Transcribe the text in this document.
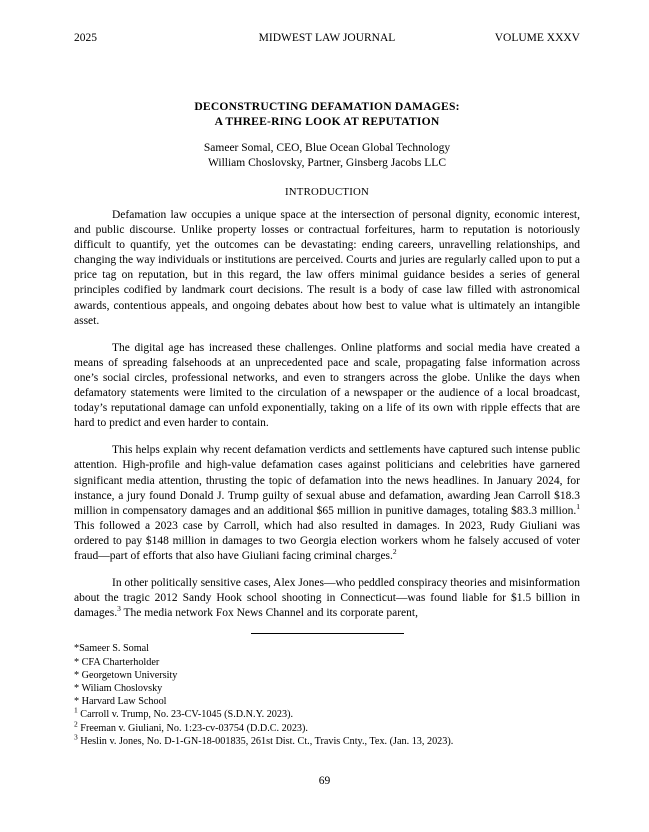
2025	MIDWEST LAW JOURNAL	VOLUME XXXV
DECONSTRUCTING DEFAMATION DAMAGES:
A THREE-RING LOOK AT REPUTATION
Sameer Somal, CEO, Blue Ocean Global Technology
William Choslovsky, Partner, Ginsberg Jacobs LLC
INTRODUCTION

Defamation law occupies a unique space at the intersection of personal dignity, economic interest, and public discourse. Unlike property losses or contractual forfeitures, harm to reputation is notoriously difficult to quantify, yet the outcomes can be devastating: ending careers, unravelling relationships, and changing the way individuals or institutions are perceived. Courts and juries are regularly called upon to put a price tag on reputation, but in this regard, the law offers minimal guidance besides a series of general principles codified by landmark court decisions. The result is a body of case law filled with astronomical awards, contentious appeals, and ongoing debates about how best to value what is ultimately an intangible asset.

The digital age has increased these challenges. Online platforms and social media have created a means of spreading falsehoods at an unprecedented pace and scale, propagating false information across one’s social circles, professional networks, and even to strangers across the globe. Unlike the days when defamatory statements were limited to the circulation of a newspaper or the audience of a local broadcast, today’s reputational damage can unfold exponentially, taking on a life of its own with ripple effects that are hard to predict and even harder to contain.

This helps explain why recent defamation verdicts and settlements have captured such intense public attention. High-profile and high-value defamation cases against politicians and celebrities have garnered significant media attention, thrusting the topic of defamation into the news headlines. In January 2024, for instance, a jury found Donald J. Trump guilty of sexual abuse and defamation, awarding Jean Carroll $18.3 million in compensatory damages and an additional $65 million in punitive damages, totaling $83.3 million.$^1$ This followed a 2023 case by Carroll, which had also resulted in damages. In 2023, Rudy Giuliani was ordered to pay $148 million in damages to two Georgia election workers whom he falsely accused of voter fraud—part of efforts that also have Giuliani facing criminal charges.$^2$

In other politically sensitive cases, Alex Jones—who peddled conspiracy theories and misinformation about the tragic 2012 Sandy Hook school shooting in Connecticut—was found liable for $1.5 billion in damages.$^3$ The media network Fox News Channel and its corporate parent,

*Sameer S. Somal
* CFA Charterholder
* Georgetown University
* Wiliam Choslovsky
* Harvard Law School
$^1$ Carroll v. Trump, No. 23-CV-1045 (S.D.N.Y. 2023).
$^2$ Freeman v. Giuliani, No. 1:23-cv-03754 (D.D.C. 2023).
$^3$ Heslin v. Jones, No. D-1-GN-18-001835, 261st Dist. Ct., Travis Cnty., Tex. (Jan. 13, 2023).
69
